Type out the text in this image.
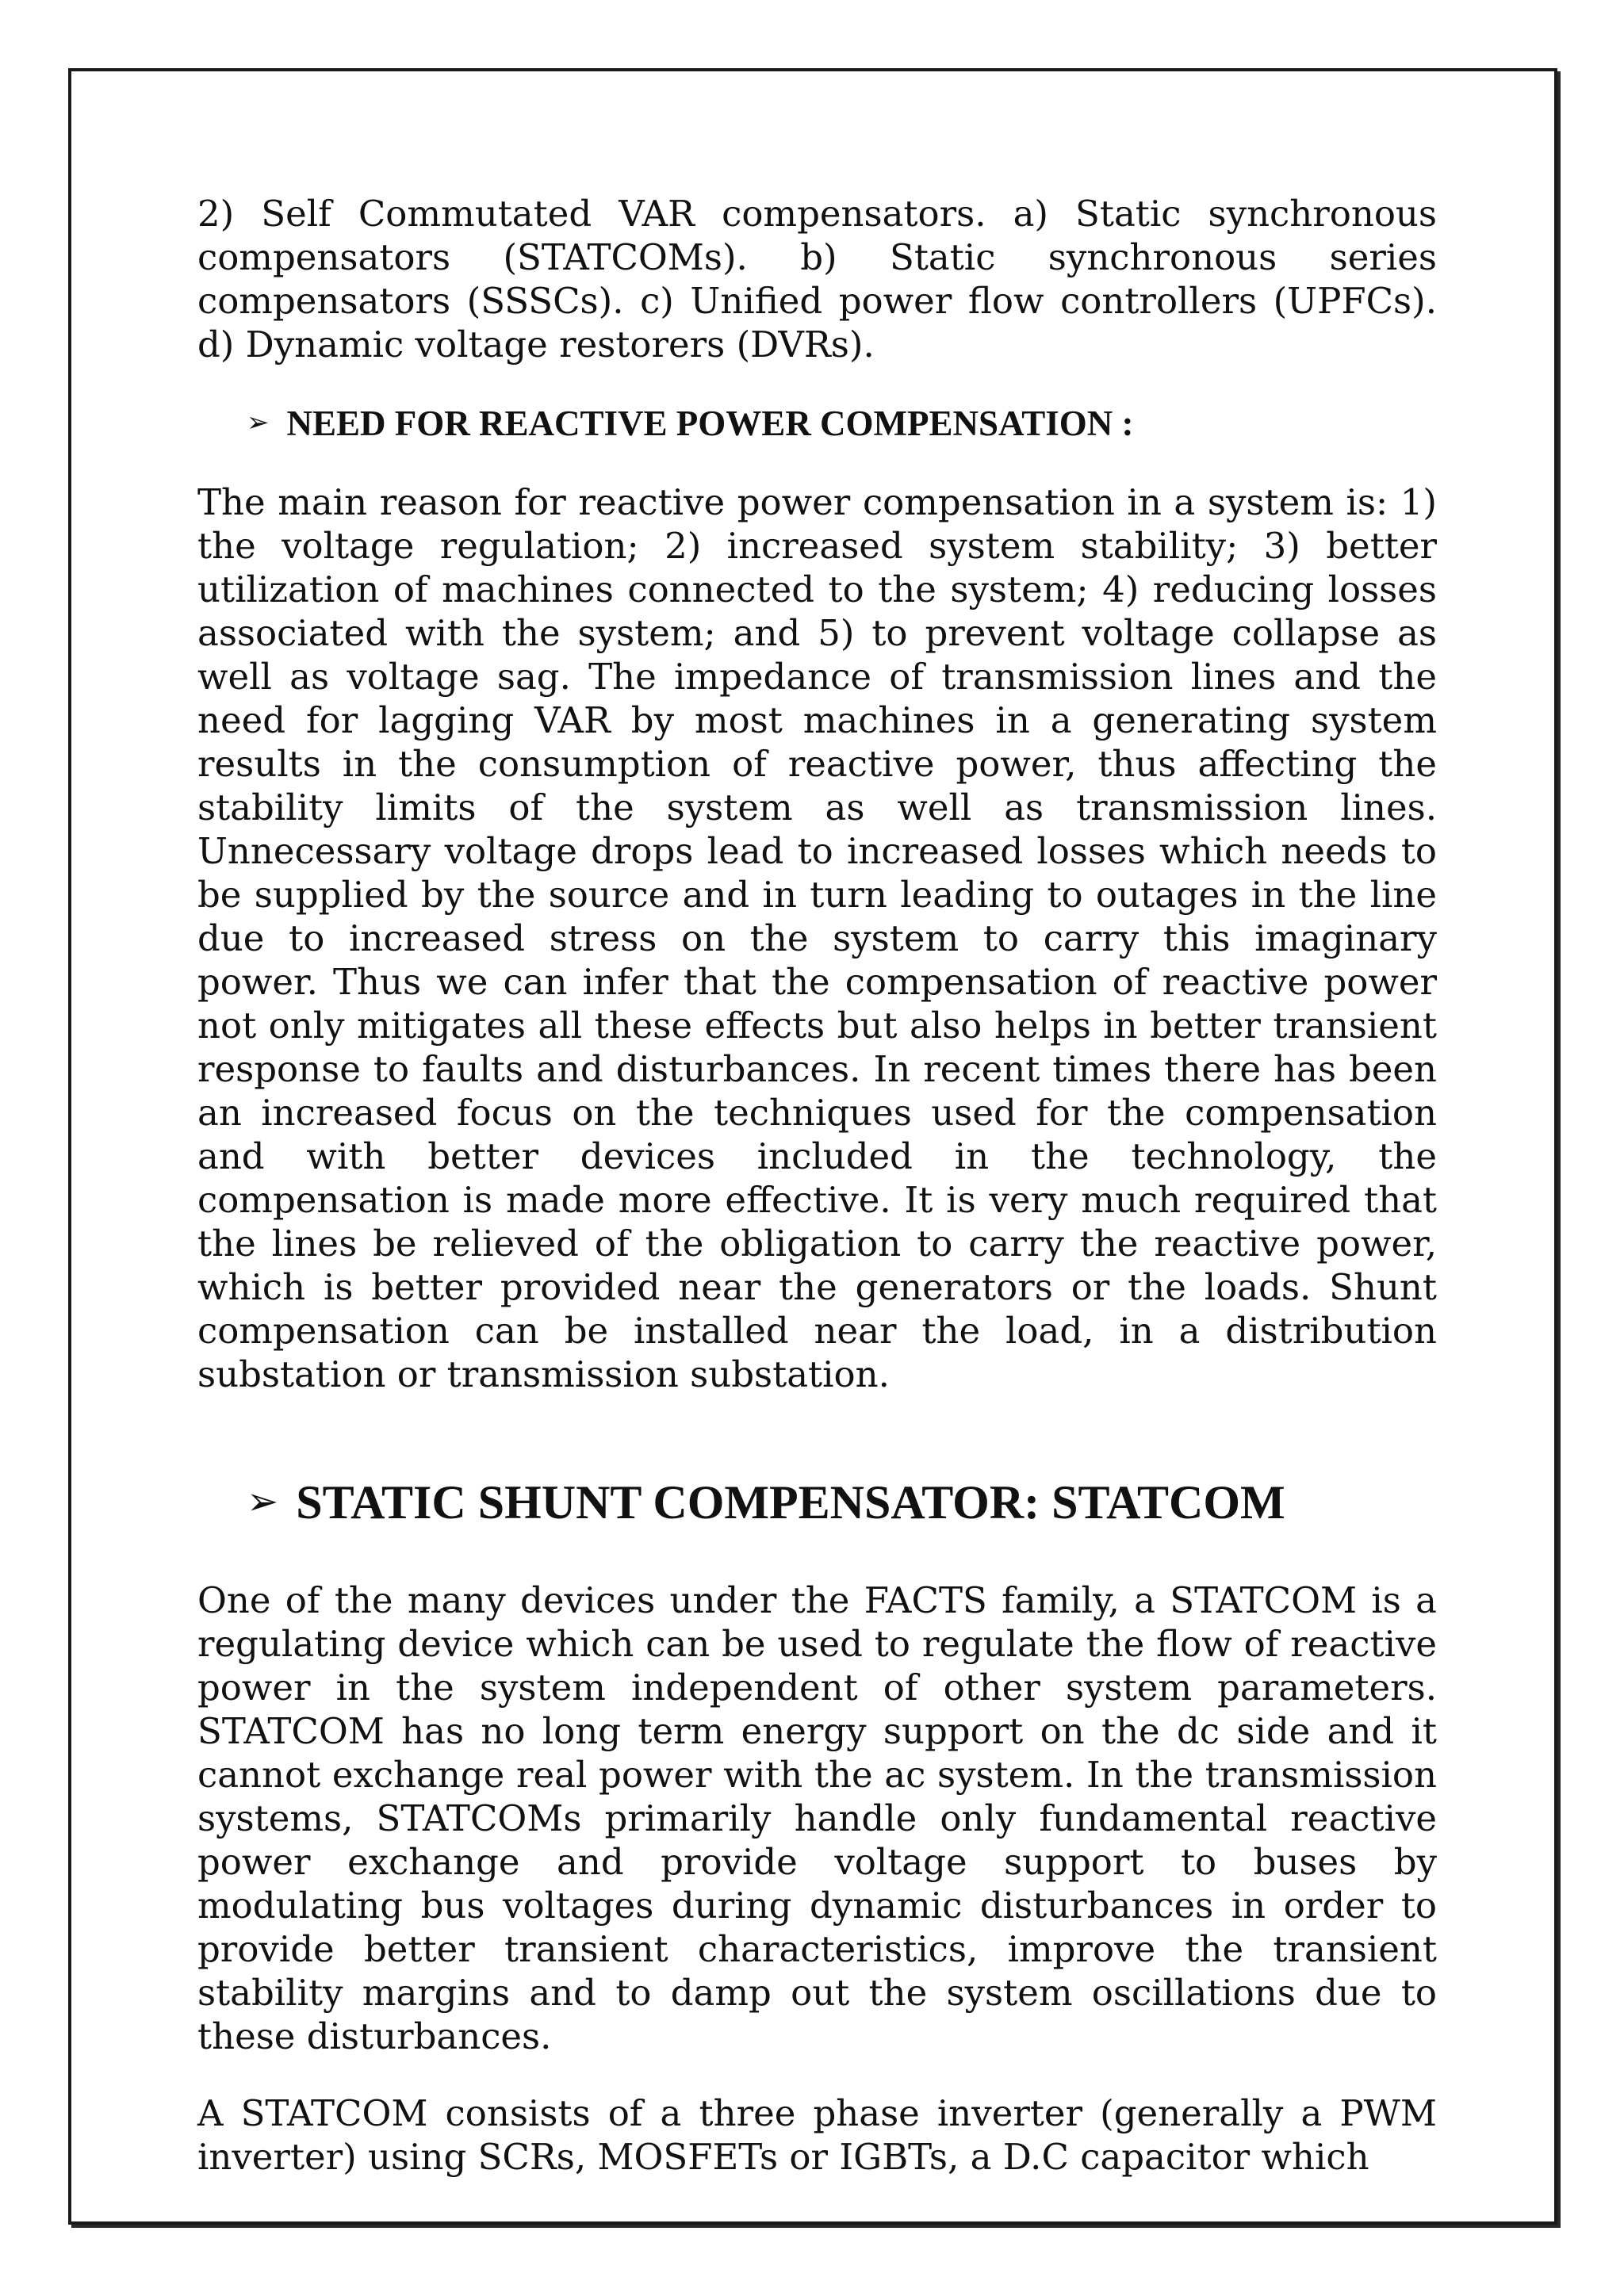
2) Self Commutated VAR compensators. a) Static synchronous compensators (STATCOMs). b) Static synchronous series compensators (SSSCs). c) Unified power flow controllers (UPFCs). d) Dynamic voltage restorers (DVRs).

➢ NEED FOR REACTIVE POWER COMPENSATION :

The main reason for reactive power compensation in a system is: 1) the voltage regulation; 2) increased system stability; 3) better utilization of machines connected to the system; 4) reducing losses associated with the system; and 5) to prevent voltage collapse as well as voltage sag. The impedance of transmission lines and the need for lagging VAR by most machines in a generating system results in the consumption of reactive power, thus affecting the stability limits of the system as well as transmission lines. Unnecessary voltage drops lead to increased losses which needs to be supplied by the source and in turn leading to outages in the line due to increased stress on the system to carry this imaginary power. Thus we can infer that the compensation of reactive power not only mitigates all these effects but also helps in better transient response to faults and disturbances. In recent times there has been an increased focus on the techniques used for the compensation and with better devices included in the technology, the compensation is made more effective. It is very much required that the lines be relieved of the obligation to carry the reactive power, which is better provided near the generators or the loads. Shunt compensation can be installed near the load, in a distribution substation or transmission substation.

➢ STATIC SHUNT COMPENSATOR: STATCOM

One of the many devices under the FACTS family, a STATCOM is a regulating device which can be used to regulate the flow of reactive power in the system independent of other system parameters. STATCOM has no long term energy support on the dc side and it cannot exchange real power with the ac system. In the transmission systems, STATCOMs primarily handle only fundamental reactive power exchange and provide voltage support to buses by modulating bus voltages during dynamic disturbances in order to provide better transient characteristics, improve the transient stability margins and to damp out the system oscillations due to these disturbances.

A STATCOM consists of a three phase inverter (generally a PWM inverter) using SCRs, MOSFETs or IGBTs, a D.C capacitor which
